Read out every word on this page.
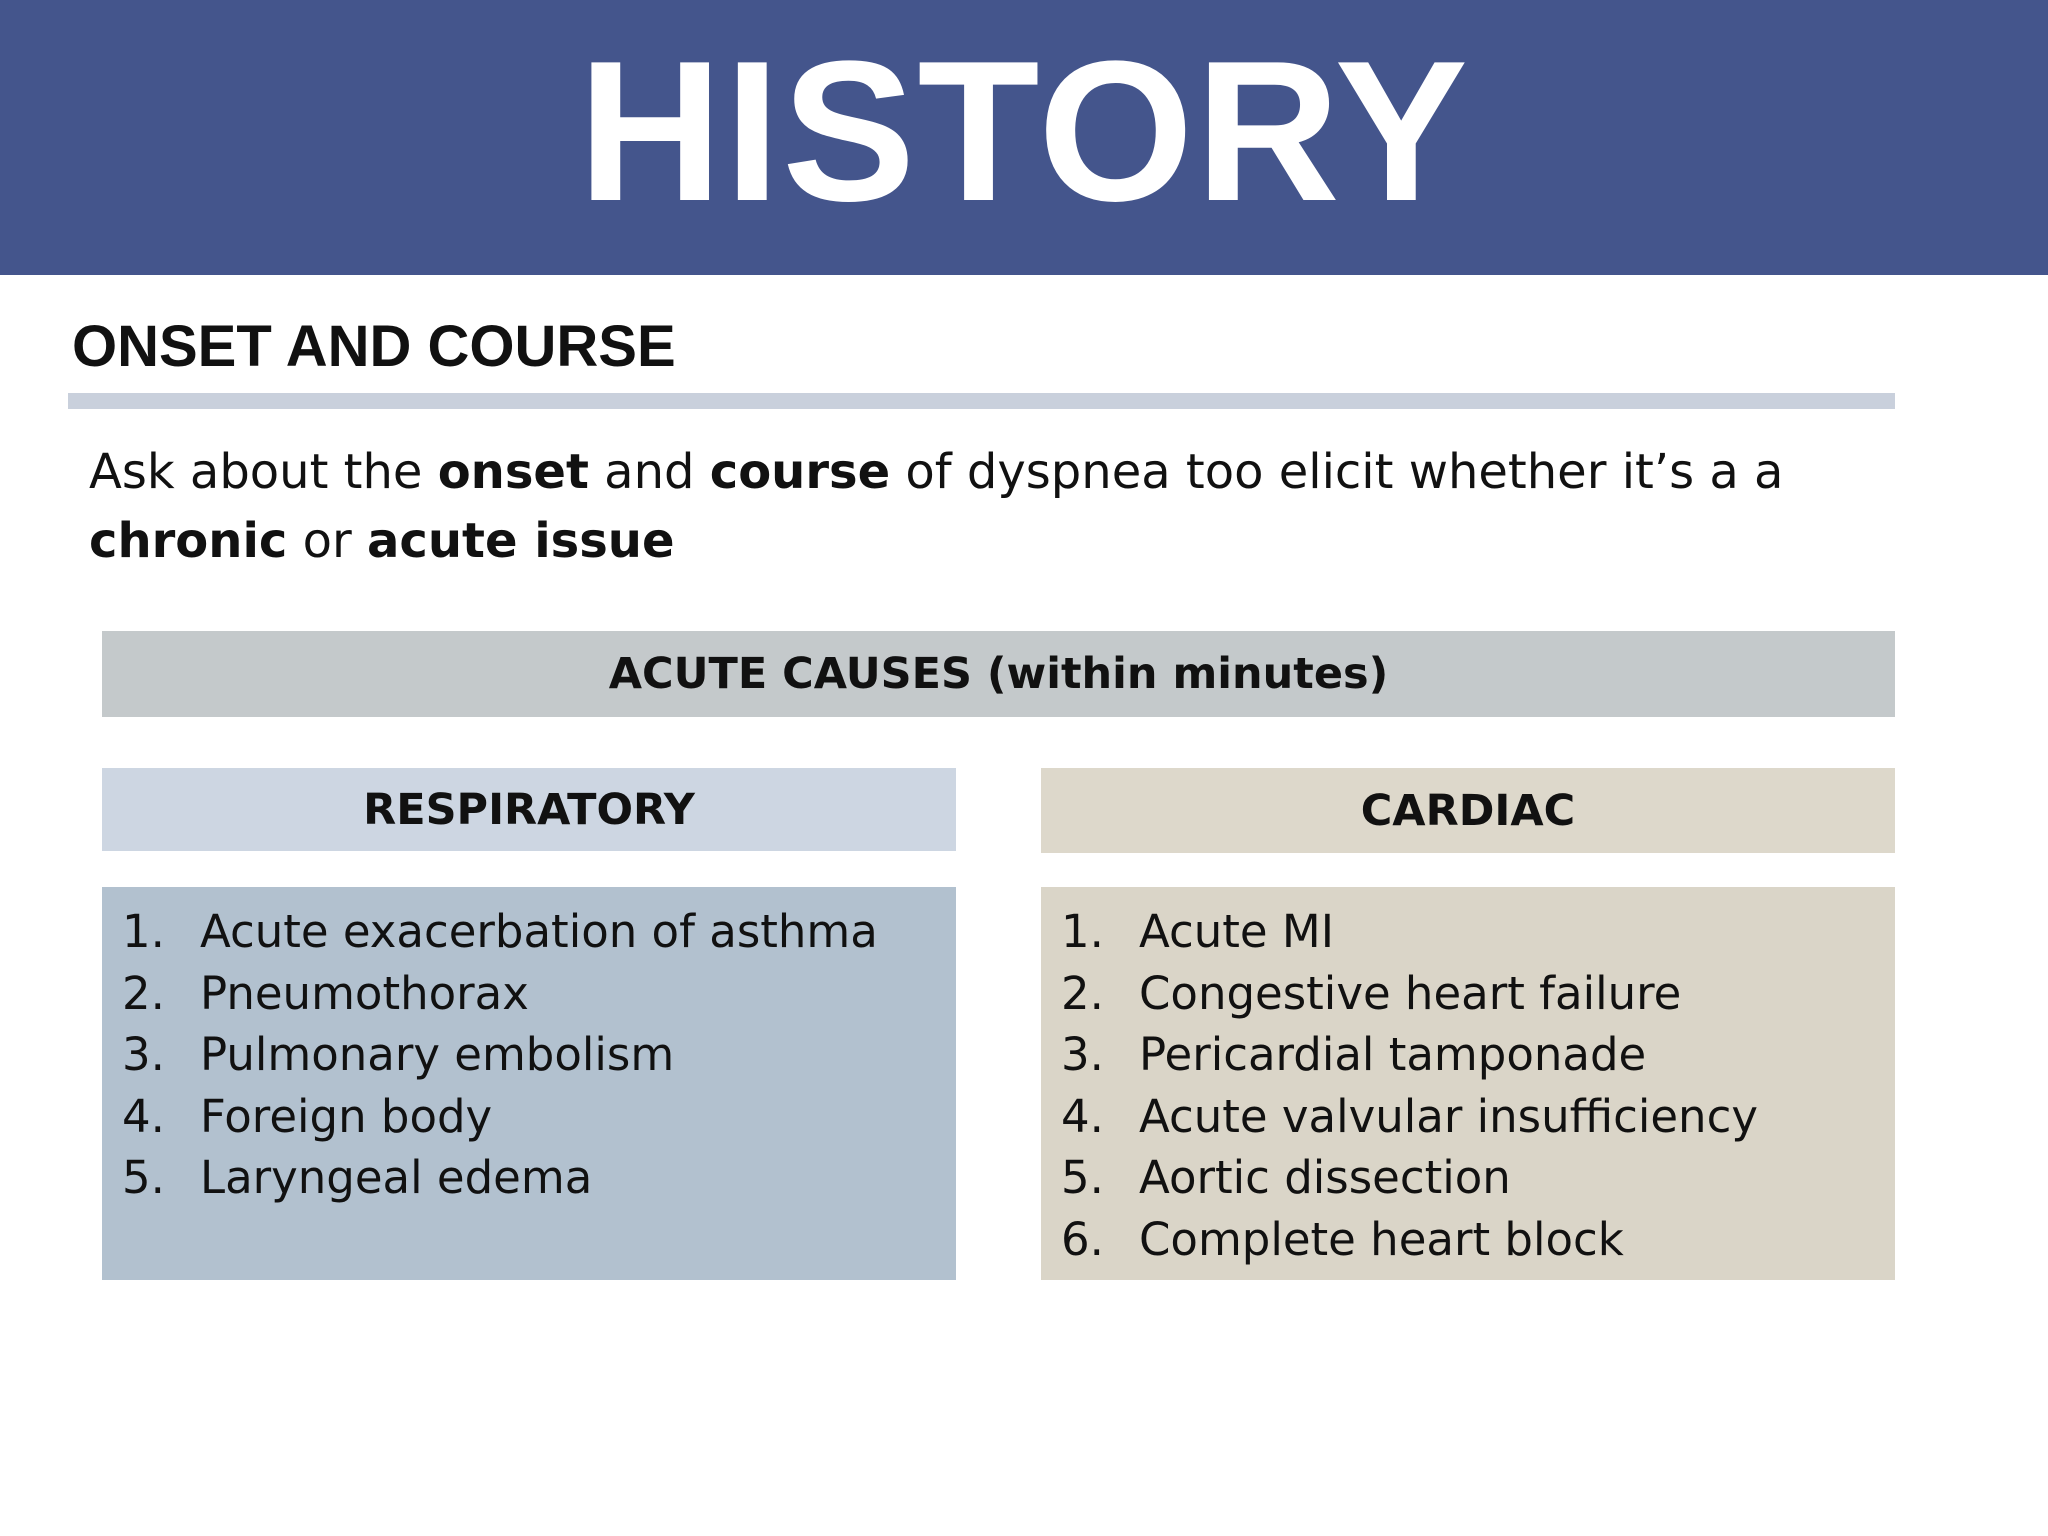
HISTORY
ONSET AND COURSE
Ask about the onset and course of dyspnea too elicit whether it’s a a chronic or acute issue
ACUTE CAUSES (within minutes)
RESPIRATORY	CARDIAC
1. Acute exacerbation of asthma
2. Pneumothorax
3. Pulmonary embolism
4. Foreign body
5. Laryngeal edema
1. Acute MI
2. Congestive heart failure
3. Pericardial tamponade
4. Acute valvular insufficiency
5. Aortic dissection
6. Complete heart block
